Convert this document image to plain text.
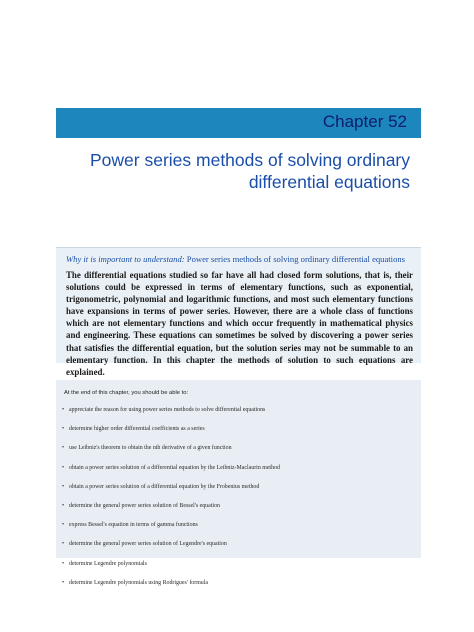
Chapter 52
Power series methods of solving ordinary
differential equations
Why it is important to understand: Power series methods of solving ordinary differential equations
The differential equations studied so far have all had closed form solutions, that is, their solutions could be expressed in terms of elementary functions, such as exponential, trigonometric, polynomial and logarithmic functions, and most such elementary functions have expansions in terms of power series. However, there are a whole class of functions which are not elementary functions and which occur frequently in mathematical physics and engineering. These equations can sometimes be solved by discovering a power series that satisfies the differential equation, but the solution series may not be summable to an elementary function. In this chapter the methods of solution to such equations are explained.
At the end of this chapter, you should be able to:
• appreciate the reason for using power series methods to solve differential equations
• determine higher order differential coefficients as a series
• use Leibniz's theorem to obtain the nth derivative of a given function
• obtain a power series solution of a differential equation by the Leibniz-Maclaurin method
• obtain a power series solution of a differential equation by the Frobenius method
• determine the general power series solution of Bessel's equation
• express Bessel's equation in terms of gamma functions
• determine the general power series solution of Legendre's equation
• determine Legendre polynomials
• determine Legendre polynomials using Rodrigues' formula
